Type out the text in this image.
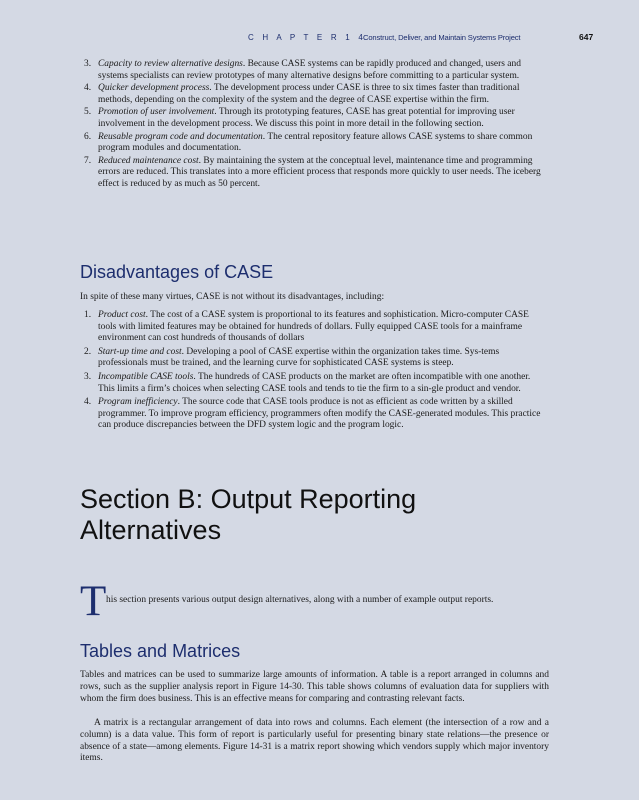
C H A P T E R 1 4
Construct, Deliver, and Maintain Systems Project	647
3. Capacity to review alternative designs. Because CASE systems can be rapidly produced and changed, users and systems specialists can review prototypes of many alternative designs before committing to a particular system.
4. Quicker development process. The development process under CASE is three to six times faster than traditional methods, depending on the complexity of the system and the degree of CASE expertise within the firm.
5. Promotion of user involvement. Through its prototyping features, CASE has great potential for improving user involvement in the development process. We discuss this point in more detail in the following section.
6. Reusable program code and documentation. The central repository feature allows CASE systems to share common program modules and documentation.
7. Reduced maintenance cost. By maintaining the system at the conceptual level, maintenance time and programming errors are reduced. This translates into a more efficient process that responds more quickly to user needs. The iceberg effect is reduced by as much as 50 percent.
Disadvantages of CASE
In spite of these many virtues, CASE is not without its disadvantages, including:
1. Product cost. The cost of a CASE system is proportional to its features and sophistication. Micro-computer CASE tools with limited features may be obtained for hundreds of dollars. Fully equipped CASE tools for a mainframe environment can cost hundreds of thousands of dollars
2. Start-up time and cost. Developing a pool of CASE expertise within the organization takes time. Sys-tems professionals must be trained, and the learning curve for sophisticated CASE systems is steep.
3. Incompatible CASE tools. The hundreds of CASE products on the market are often incompatible with one another. This limits a firm’s choices when selecting CASE tools and tends to tie the firm to a sin-gle product and vendor.
4. Program inefficiency. The source code that CASE tools produce is not as efficient as code written by a skilled programmer. To improve program efficiency, programmers often modify the CASE-generated modules. This practice can produce discrepancies between the DFD system logic and the program logic.
Section B: Output Reporting Alternatives
T his section presents various output design alternatives, along with a number of example output reports.
Tables and Matrices

Tables and matrices can be used to summarize large amounts of information. A table is a report arranged in columns and rows, such as the supplier analysis report in Figure 14-30. This table shows columns of evaluation data for suppliers with whom the firm does business. This is an effective means for comparing and contrasting relevant facts.

A matrix is a rectangular arrangement of data into rows and columns. Each element (the intersection of a row and a column) is a data value. This form of report is particularly useful for presenting binary state relations—the presence or absence of a state—among elements. Figure 14-31 is a matrix report showing which vendors supply which major inventory items.
